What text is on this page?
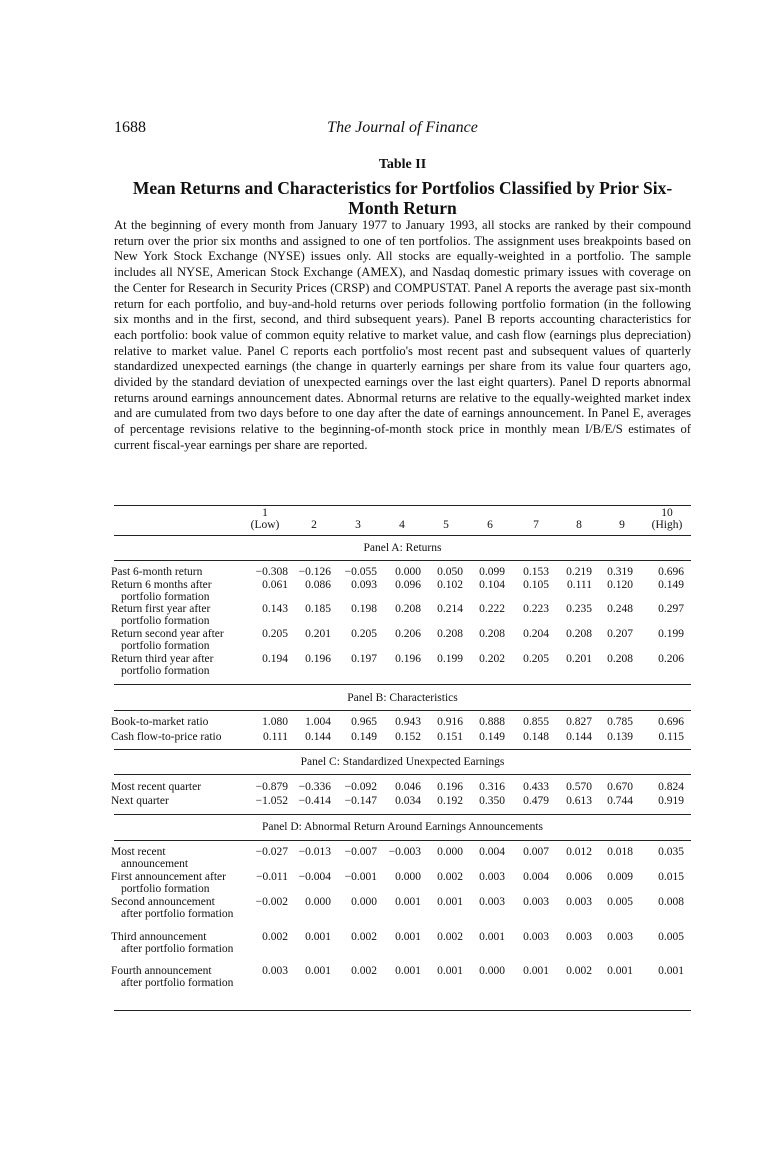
1688	The Journal of Finance
Table II
Mean Returns and Characteristics for Portfolios Classified by Prior Six-Month Return
At the beginning of every month from January 1977 to January 1993, all stocks are ranked by their compound return over the prior six months and assigned to one of ten portfolios. The assignment uses breakpoints based on New York Stock Exchange (NYSE) issues only. All stocks are equally-weighted in a portfolio. The sample includes all NYSE, American Stock Exchange (AMEX), and Nasdaq domestic primary issues with coverage on the Center for Research in Security Prices (CRSP) and COMPUSTAT. Panel A reports the average past six-month return for each portfolio, and buy-and-hold returns over periods following portfolio formation (in the following six months and in the first, second, and third subsequent years). Panel B reports accounting characteristics for each portfolio: book value of common equity relative to market value, and cash flow (earnings plus depreciation) relative to market value. Panel C reports each portfolio's most recent past and subsequent values of quarterly standardized unexpected earnings (the change in quarterly earnings per share from its value four quarters ago, divided by the standard deviation of unexpected earnings over the last eight quarters). Panel D reports abnormal returns around earnings announcement dates. Abnormal returns are relative to the equally-weighted market index and are cumulated from two days before to one day after the date of earnings announcement. In Panel E, averages of percentage revisions relative to the beginning-of-month stock price in monthly mean I/B/E/S estimates of current fiscal-year earnings per share are reported.
1
(Low)	2	3	4	5	6	7	8	9
10
(High)
Panel A: Returns
Past 6-month return	−0.308 −0.126	−0.055	0.000	0.050	0.099	0.153	0.219	0.319	0.696
Return 6 months after
portfolio formation
0.061	0.086	0.093	0.096	0.102	0.104	0.105	0.111	0.120	0.149
Return first year after
portfolio formation
0.143	0.185	0.198	0.208	0.214	0.222	0.223	0.235	0.248	0.297
Return second year after
portfolio formation
0.205	0.201	0.205	0.206	0.208	0.208	0.204	0.208	0.207	0.199
Return third year after
portfolio formation
0.194	0.196	0.197	0.196	0.199	0.202	0.205	0.201	0.208	0.206
Panel B: Characteristics
Book-to-market ratio	1.080	1.004	0.965	0.943	0.916	0.888	0.855	0.827	0.785	0.696
Cash flow-to-price ratio	0.111	0.144	0.149	0.152	0.151	0.149	0.148	0.144	0.139	0.115
Panel C: Standardized Unexpected Earnings
Most recent quarter	−0.879 −0.336	−0.092	0.046	0.196	0.316	0.433	0.570	0.670	0.824
Next quarter	−1.052 −0.414	−0.147	0.034	0.192	0.350	0.479	0.613	0.744	0.919
Panel D: Abnormal Return Around Earnings Announcements
Most recent
announcement
−0.027 −0.013	−0.007	−0.003	0.000	0.004	0.007	0.012	0.018	0.035
First announcement after
portfolio formation
−0.011 −0.004	−0.001	0.000	0.002	0.003	0.004	0.006	0.009	0.015
Second announcement
after portfolio formation
−0.002	0.000	0.000	0.001	0.001	0.003	0.003	0.003	0.005	0.008
Third announcement
after portfolio formation
0.002	0.001	0.002	0.001	0.002	0.001	0.003	0.003	0.003	0.005
Fourth announcement
after portfolio formation
0.003	0.001	0.002	0.001	0.001	0.000	0.001	0.002	0.001	0.001
